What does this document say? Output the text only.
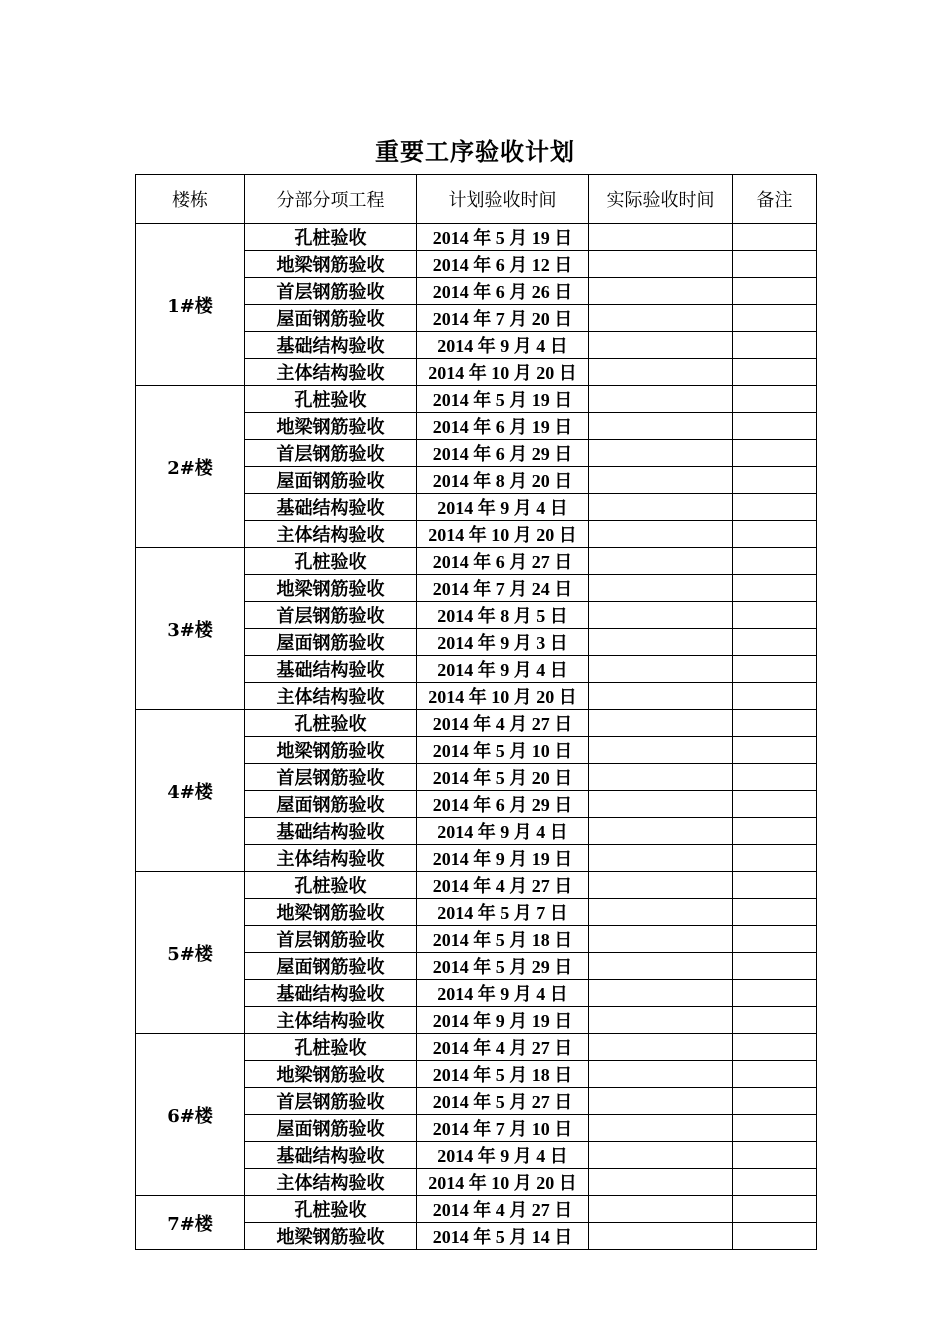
重要工序验收计划
楼栋	分部分项工程	计划验收时间	实际验收时间	备注
1#楼	孔桩验收	2014 年 5 月 19 日		
	地梁钢筋验收	2014 年 6 月 12 日		
	首层钢筋验收	2014 年 6 月 26 日		
	屋面钢筋验收	2014 年 7 月 20 日		
	基础结构验收	2014 年 9 月 4 日		
	主体结构验收	2014 年 10 月 20 日		
2#楼	孔桩验收	2014 年 5 月 19 日		
	地梁钢筋验收	2014 年 6 月 19 日		
	首层钢筋验收	2014 年 6 月 29 日		
	屋面钢筋验收	2014 年 8 月 20 日		
	基础结构验收	2014 年 9 月 4 日		
	主体结构验收	2014 年 10 月 20 日		
3#楼	孔桩验收	2014 年 6 月 27 日		
	地梁钢筋验收	2014 年 7 月 24 日		
	首层钢筋验收	2014 年 8 月 5 日		
	屋面钢筋验收	2014 年 9 月 3 日		
	基础结构验收	2014 年 9 月 4 日		
	主体结构验收	2014 年 10 月 20 日		
4#楼	孔桩验收	2014 年 4 月 27 日		
	地梁钢筋验收	2014 年 5 月 10 日		
	首层钢筋验收	2014 年 5 月 20 日		
	屋面钢筋验收	2014 年 6 月 29 日		
	基础结构验收	2014 年 9 月 4 日		
	主体结构验收	2014 年 9 月 19 日		
5#楼	孔桩验收	2014 年 4 月 27 日		
	地梁钢筋验收	2014 年 5 月 7 日		
	首层钢筋验收	2014 年 5 月 18 日		
	屋面钢筋验收	2014 年 5 月 29 日		
	基础结构验收	2014 年 9 月 4 日		
	主体结构验收	2014 年 9 月 19 日		
6#楼	孔桩验收	2014 年 4 月 27 日		
	地梁钢筋验收	2014 年 5 月 18 日		
	首层钢筋验收	2014 年 5 月 27 日		
	屋面钢筋验收	2014 年 7 月 10 日		
	基础结构验收	2014 年 9 月 4 日		
	主体结构验收	2014 年 10 月 20 日		
7#楼	孔桩验收	2014 年 4 月 27 日		
	地梁钢筋验收	2014 年 5 月 14 日		
